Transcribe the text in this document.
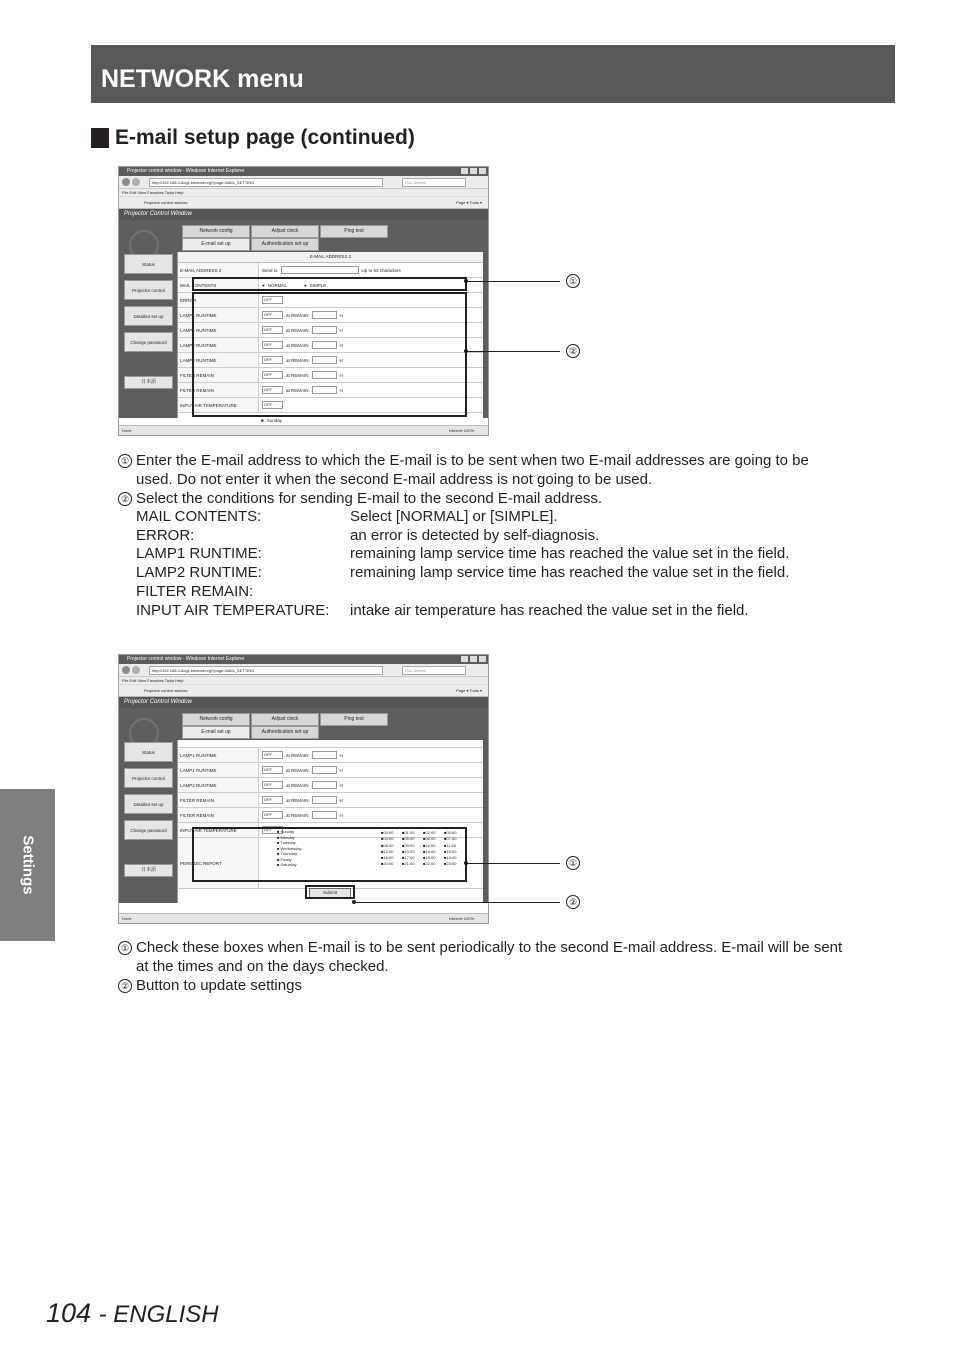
NETWORK menu
E-mail setup page (continued)
Projector control window - Windows Internet Explorer
http://192.168.0.8/cgi-bin/main.cgi?page=MAIL_SETTING	Live Search
File Edit View Favorites Tools Help
Projector control window	Page ▾ Tools ▾
Projector Control Window
Network config	Adjust clock	Ping test
E-mail set up	Authentication set up
Status
Projector control
Detailed set up
Change password
日本語
E-MAIL ADDRESS 2
E-MAIL ADDRESS 2	Send to	Up to 63 characters
MAIL CONTENTS	● NORMAL	● SIMPLE
ERROR	OFF
LAMP1 RUNTIME	OFF	at REMAIN	H
LAMP1 RUNTIME	OFF	at REMAIN	H
LAMP2 RUNTIME	OFF	at REMAIN	H
LAMP2 RUNTIME	OFF	at REMAIN	H
FILTER REMAIN	OFF	at REMAIN	H
FILTER REMAIN	OFF	at REMAIN	H
INPUT AIR TEMPERATURE	OFF
■ Sunday
Done	Internet 100%
①
②
① Enter the E-mail address to which the E-mail is to be sent when two E-mail addresses are going to be
used. Do not enter it when the second E-mail address is not going to be used.
② Select the conditions for sending E-mail to the second E-mail address.
MAIL CONTENTS:	Select [NORMAL] or [SIMPLE].
ERROR:	an error is detected by self-diagnosis.
LAMP1 RUNTIME:	remaining lamp service time has reached the value set in the field.
LAMP2 RUNTIME:	remaining lamp service time has reached the value set in the field.
FILTER REMAIN:
INPUT AIR TEMPERATURE: intake air temperature has reached the value set in the field.
Projector control window - Windows Internet Explorer
http://192.168.0.8/cgi-bin/main.cgi?page=MAIL_SETTING	Live Search
File Edit View Favorites Tools Help
Projector control window	Page ▾ Tools ▾
Projector Control Window
Network config	Adjust clock	Ping test
E-mail set up	Authentication set up
Status
Projector control
Detailed set up
Change password
日本語
LAMP1 RUNTIME	OFF	at REMAIN	H
LAMP1 RUNTIME	OFF	at REMAIN	H
LAMP2 RUNTIME	OFF	at REMAIN	H
FILTER REMAIN	OFF	at REMAIN	H
FILTER REMAIN	OFF	at REMAIN	H
INPUT AIR TEMPERATURE	OFF
PERIODIC REPORT
■ Sunday
■ Monday
■ Tuesday
■ Wednesday
■ Thursday
■ Friday
■ Saturday
■00:00	■01:00	■02:00	■03:00
■04:00	■05:00	■06:00	■07:00
■08:00	■09:00	■10:00	■11:00
■12:00	■13:00	■14:00	■15:00
■16:00	■17:00	■18:00	■19:00
■20:00	■21:00	■22:00	■23:00
Submit
Done	Internet 100%
①
②
① Check these boxes when E-mail is to be sent periodically to the second E-mail address. E-mail will be sent
at the times and on the days checked.
② Button to update settings
Settings
104 - ENGLISH
